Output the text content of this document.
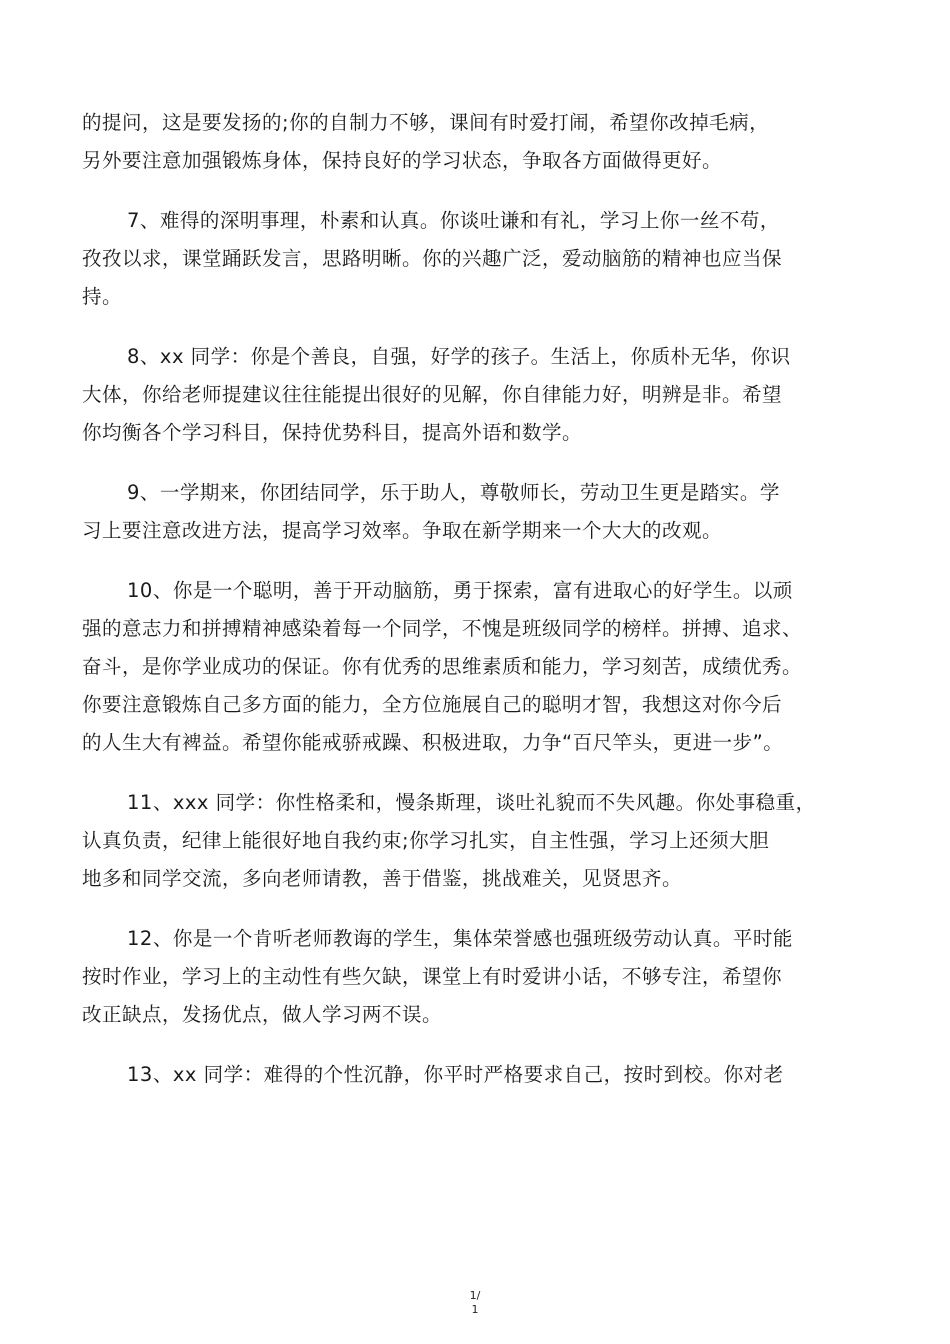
的提问，这是要发扬的;你的自制力不够，课间有时爱打闹，希望你改掉毛病，
另外要注意加强锻炼身体，保持良好的学习状态，争取各方面做得更好。
7、难得的深明事理，朴素和认真。你谈吐谦和有礼，学习上你一丝不苟，
孜孜以求，课堂踊跃发言，思路明晰。你的兴趣广泛，爱动脑筋的精神也应当保
持。
8、xx 同学：你是个善良，自强，好学的孩子。生活上，你质朴无华，你识
大体，你给老师提建议往往能提出很好的见解，你自律能力好，明辨是非。希望
你均衡各个学习科目，保持优势科目，提高外语和数学。
9、一学期来，你团结同学，乐于助人，尊敬师长，劳动卫生更是踏实。学
习上要注意改进方法，提高学习效率。争取在新学期来一个大大的改观。
10、你是一个聪明，善于开动脑筋，勇于探索，富有进取心的好学生。以顽
强的意志力和拼搏精神感染着每一个同学，不愧是班级同学的榜样。拼搏、追求、
奋斗，是你学业成功的保证。你有优秀的思维素质和能力，学习刻苦，成绩优秀。
你要注意锻炼自己多方面的能力，全方位施展自己的聪明才智，我想这对你今后
的人生大有裨益。希望你能戒骄戒躁、积极进取，力争“百尺竿头，更进一步”。
11、xxx 同学：你性格柔和，慢条斯理，谈吐礼貌而不失风趣。你处事稳重，
认真负责，纪律上能很好地自我约束;你学习扎实，自主性强，学习上还须大胆
地多和同学交流，多向老师请教，善于借鉴，挑战难关，见贤思齐。
12、你是一个肯听老师教诲的学生，集体荣誉感也强班级劳动认真。平时能
按时作业，学习上的主动性有些欠缺，课堂上有时爱讲小话，不够专注，希望你
改正缺点，发扬优点，做人学习两不误。
13、xx 同学：难得的个性沉静，你平时严格要求自己，按时到校。你对老
1/
1
